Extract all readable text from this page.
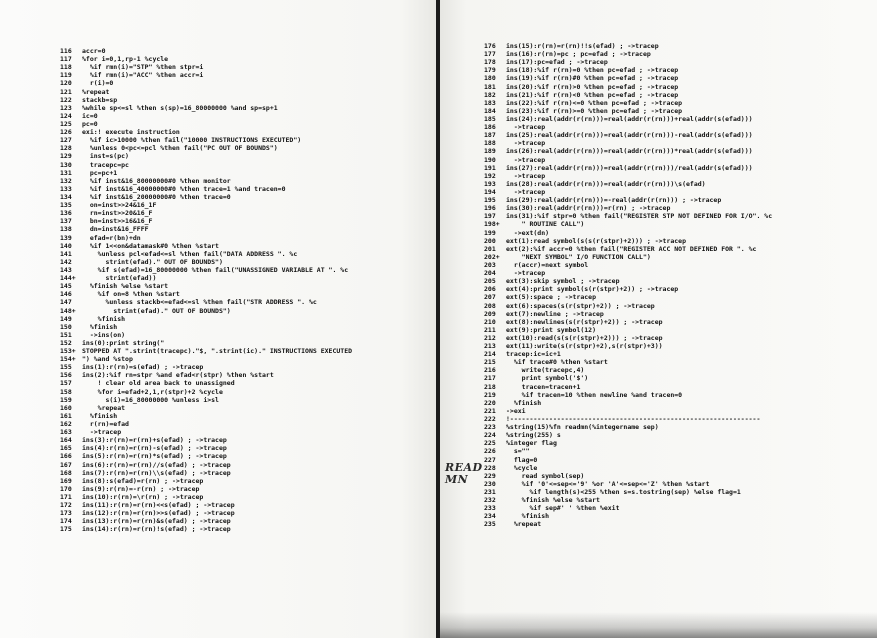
116	accr=0
117	%for i=0,1,rp-1 %cycle
118	%if rmn(i)="STP" %then stpr=i
119	%if rmn(i)="ACC" %then accr=i
120	r(i)=0
121	%repeat
122	stackb=sp
123	%while sp<=sl %then s(sp)=16_80000000 %and sp=sp+1
124	ic=0
125	pc=0
126	exi:! execute instruction
127	%if ic>10000 %then fail("10000 INSTRUCTIONS EXECUTED")
128	%unless 0<pc<=pcl %then fail("PC OUT OF BOUNDS")
129	inst=s(pc)
130	tracepc=pc
131	pc=pc+1
132	%if inst&16_80000000#0 %then monitor
133	%if inst&16_40000000#0 %then trace=1 %and tracen=0
134	%if inst&16_20000000#0 %then trace=0
135	on=inst>>24&16_1F
136	rn=inst>>20&16_F
137	bn=inst>>16&16_F
138	dn=inst&16_FFFF
139	efad=r(bn)+dn
140	%if 1<<on&datamask#0 %then %start
141	%unless pcl<efad<=sl %then fail("DATA ADDRESS ". %c
142	strint(efad)." OUT OF BOUNDS")
143	%if s(efad)=16_80000000 %then fail("UNASSIGNED VARIABLE AT ". %c
144+ strint(efad))
145	%finish %else %start
146	%if on=8 %then %start
147	%unless stackb<=efad<=sl %then fail("STR ADDRESS ". %c
148+ strint(efad)." OUT OF BOUNDS")
149	%finish
150	%finish
151	->ins(on)
152	ins(0):print string("
153+ STOPPED AT ".strint(tracepc)."$, ".strint(ic)." INSTRUCTIONS EXECUTED
154+ ") %and %stop
155	ins(1):r(rn)=s(efad) ; ->tracep
156	ins(2):%if rn=stpr %and efad<r(stpr) %then %start
157	! clear old area back to unassigned
158	%for i=efad+2,1,r(stpr)+2 %cycle
159	s(i)=16_80000000 %unless i>sl
160	%repeat
161	%finish
162	r(rn)=efad
163	->tracep
164	ins(3):r(rn)=r(rn)+s(efad) ; ->tracep
165	ins(4):r(rn)=r(rn)-s(efad) ; ->tracep
166	ins(5):r(rn)=r(rn)*s(efad) ; ->tracep
167	ins(6):r(rn)=r(rn)//s(efad) ; ->tracep
168	ins(7):r(rn)=r(rn)\\s(efad) ; ->tracep
169	ins(8):s(efad)=r(rn) ; ->tracep
170	ins(9):r(rn)=-r(rn) ; ->tracep
171	ins(10):r(rn)=\r(rn) ; ->tracep
172	ins(11):r(rn)=r(rn)<<s(efad) ; ->tracep
173	ins(12):r(rn)=r(rn)>>s(efad) ; ->tracep
174	ins(13):r(rn)=r(rn)&s(efad) ; ->tracep
175	ins(14):r(rn)=r(rn)!s(efad) ; ->tracep
176	ins(15):r(rn)=r(rn)!!s(efad) ; ->tracep
177	ins(16):r(rn)=pc ; pc=efad ; ->tracep
178	ins(17):pc=efad ; ->tracep
179	ins(18):%if r(rn)=0 %then pc=efad ; ->tracep
180	ins(19):%if r(rn)#0 %then pc=efad ; ->tracep
181	ins(20):%if r(rn)>0 %then pc=efad ; ->tracep
182	ins(21):%if r(rn)<0 %then pc=efad ; ->tracep
183	ins(22):%if r(rn)<=0 %then pc=efad ; ->tracep
184	ins(23):%if r(rn)>=0 %then pc=efad ; ->tracep
185	ins(24):real(addr(r(rn)))=real(addr(r(rn)))+real(addr(s(efad)))
186	->tracep
187	ins(25):real(addr(r(rn)))=real(addr(r(rn)))-real(addr(s(efad)))
188	->tracep
189	ins(26):real(addr(r(rn)))=real(addr(r(rn)))*real(addr(s(efad)))
190	->tracep
191	ins(27):real(addr(r(rn)))=real(addr(r(rn)))/real(addr(s(efad)))
192	->tracep
193	ins(28):real(addr(r(rn)))=real(addr(r(rn)))\s(efad)
194	->tracep
195	ins(29):real(addr(r(rn)))=-real(addr(r(rn))) ; ->tracep
196	ins(30):real(addr(r(rn)))=r(rn) ; ->tracep
197	ins(31):%if stpr=0 %then fail("REGISTER STP NOT DEFINED FOR I/O". %c
198+ " ROUTINE CALL")
199	->ext(dn)
200	ext(1):read symbol(s(s(r(stpr)+2))) ; ->tracep
201	ext(2):%if accr=0 %then fail("REGISTER ACC NOT DEFINED FOR ". %c
202+ "NEXT SYMBOL" I/O FUNCTION CALL")
203	r(accr)=next symbol
204	->tracep
205	ext(3):skip symbol ; ->tracep
206	ext(4):print symbol(s(r(stpr)+2)) ; ->tracep
207	ext(5):space ; ->tracep
208	ext(6):spaces(s(r(stpr)+2)) ; ->tracep
209	ext(7):newline ; ->tracep
210	ext(8):newlines(s(r(stpr)+2)) ; ->tracep
211	ext(9):print symbol(12)
212	ext(10):read(s(s(r(stpr)+2))) ; ->tracep
213	ext(11):write(s(r(stpr)+2),s(r(stpr)+3))
214	tracep:ic=ic+1
215	%if trace#0 %then %start
216	write(tracepc,4)
217	print symbol('$')
218	tracen=tracen+1
219	%if tracen=10 %then newline %and tracen=0
220	%finish
221	->exi
222	!----------------------------------------------------------------
223	%string(15)%fn readmn(%integername sep)
224	%string(255) s
225	%integer flag
226	s=""
227	flag=0
228	%cycle
229	read symbol(sep)
230	%if '0'<=sep<='9' %or 'A'<=sep<='Z' %then %start
231	%if length(s)<255 %then s=s.tostring(sep) %else flag=1
232	%finish %else %start
233	%if sep#' ' %then %exit
234	%finish
235	%repeat
READ
MN
